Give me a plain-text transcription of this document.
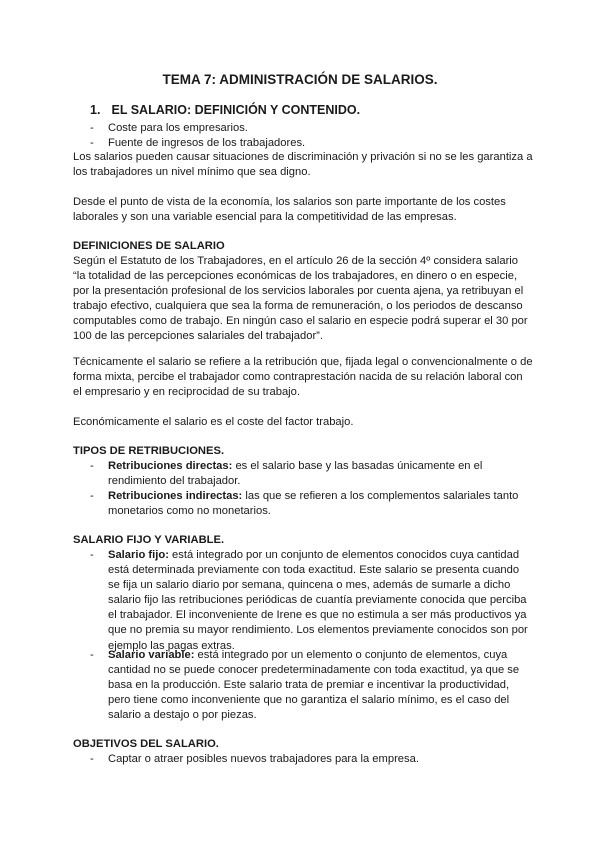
TEMA 7: ADMINISTRACIÓN DE SALARIOS.
1. EL SALARIO: DEFINICIÓN Y CONTENIDO.
- Coste para los empresarios.
- Fuente de ingresos de los trabajadores.

Los salarios pueden causar situaciones de discriminación y privación si no se les garantiza a los trabajadores un nivel mínimo que sea digno.

Desde el punto de vista de la economía, los salarios son parte importante de los costes laborales y son una variable esencial para la competitividad de las empresas.

DEFINICIONES DE SALARIO

Según el Estatuto de los Trabajadores, en el artículo 26 de la sección 4º considera salario “la totalidad de las percepciones económicas de los trabajadores, en dinero o en especie, por la presentación profesional de los servicios laborales por cuenta ajena, ya retribuyan el trabajo efectivo, cualquiera que sea la forma de remuneración, o los periodos de descanso computables como de trabajo. En ningún caso el salario en especie podrá superar el 30 por 100 de las percepciones salariales del trabajador”.

Técnicamente el salario se refiere a la retribución que, fijada legal o convencionalmente o de forma mixta, percibe el trabajador como contraprestación nacida de su relación laboral con el empresario y en reciprocidad de su trabajo.

Económicamente el salario es el coste del factor trabajo.

TIPOS DE RETRIBUCIONES.
- Retribuciones directas: es el salario base y las basadas únicamente en el rendimiento del trabajador.
- Retribuciones indirectas: las que se refieren a los complementos salariales tanto monetarios como no monetarios.
SALARIO FIJO Y VARIABLE.
- Salario fijo: está integrado por un conjunto de elementos conocidos cuya cantidad está determinada previamente con toda exactitud. Este salario se presenta cuando se fija un salario diario por semana, quincena o mes, además de sumarle a dicho salario fijo las retribuciones periódicas de cuantía previamente conocida que perciba el trabajador. El inconveniente de Irene es que no estimula a ser más productivos ya que no premia su mayor rendimiento. Los elementos previamente conocidos son por ejemplo las pagas extras.
- Salario variable: está integrado por un elemento o conjunto de elementos, cuya cantidad no se puede conocer predeterminadamente con toda exactitud, ya que se basa en la producción. Este salario trata de premiar e incentivar la productividad, pero tiene como inconveniente que no garantiza el salario mínimo, es el caso del salario a destajo o por piezas.
OBJETIVOS DEL SALARIO.
- Captar o atraer posibles nuevos trabajadores para la empresa.
